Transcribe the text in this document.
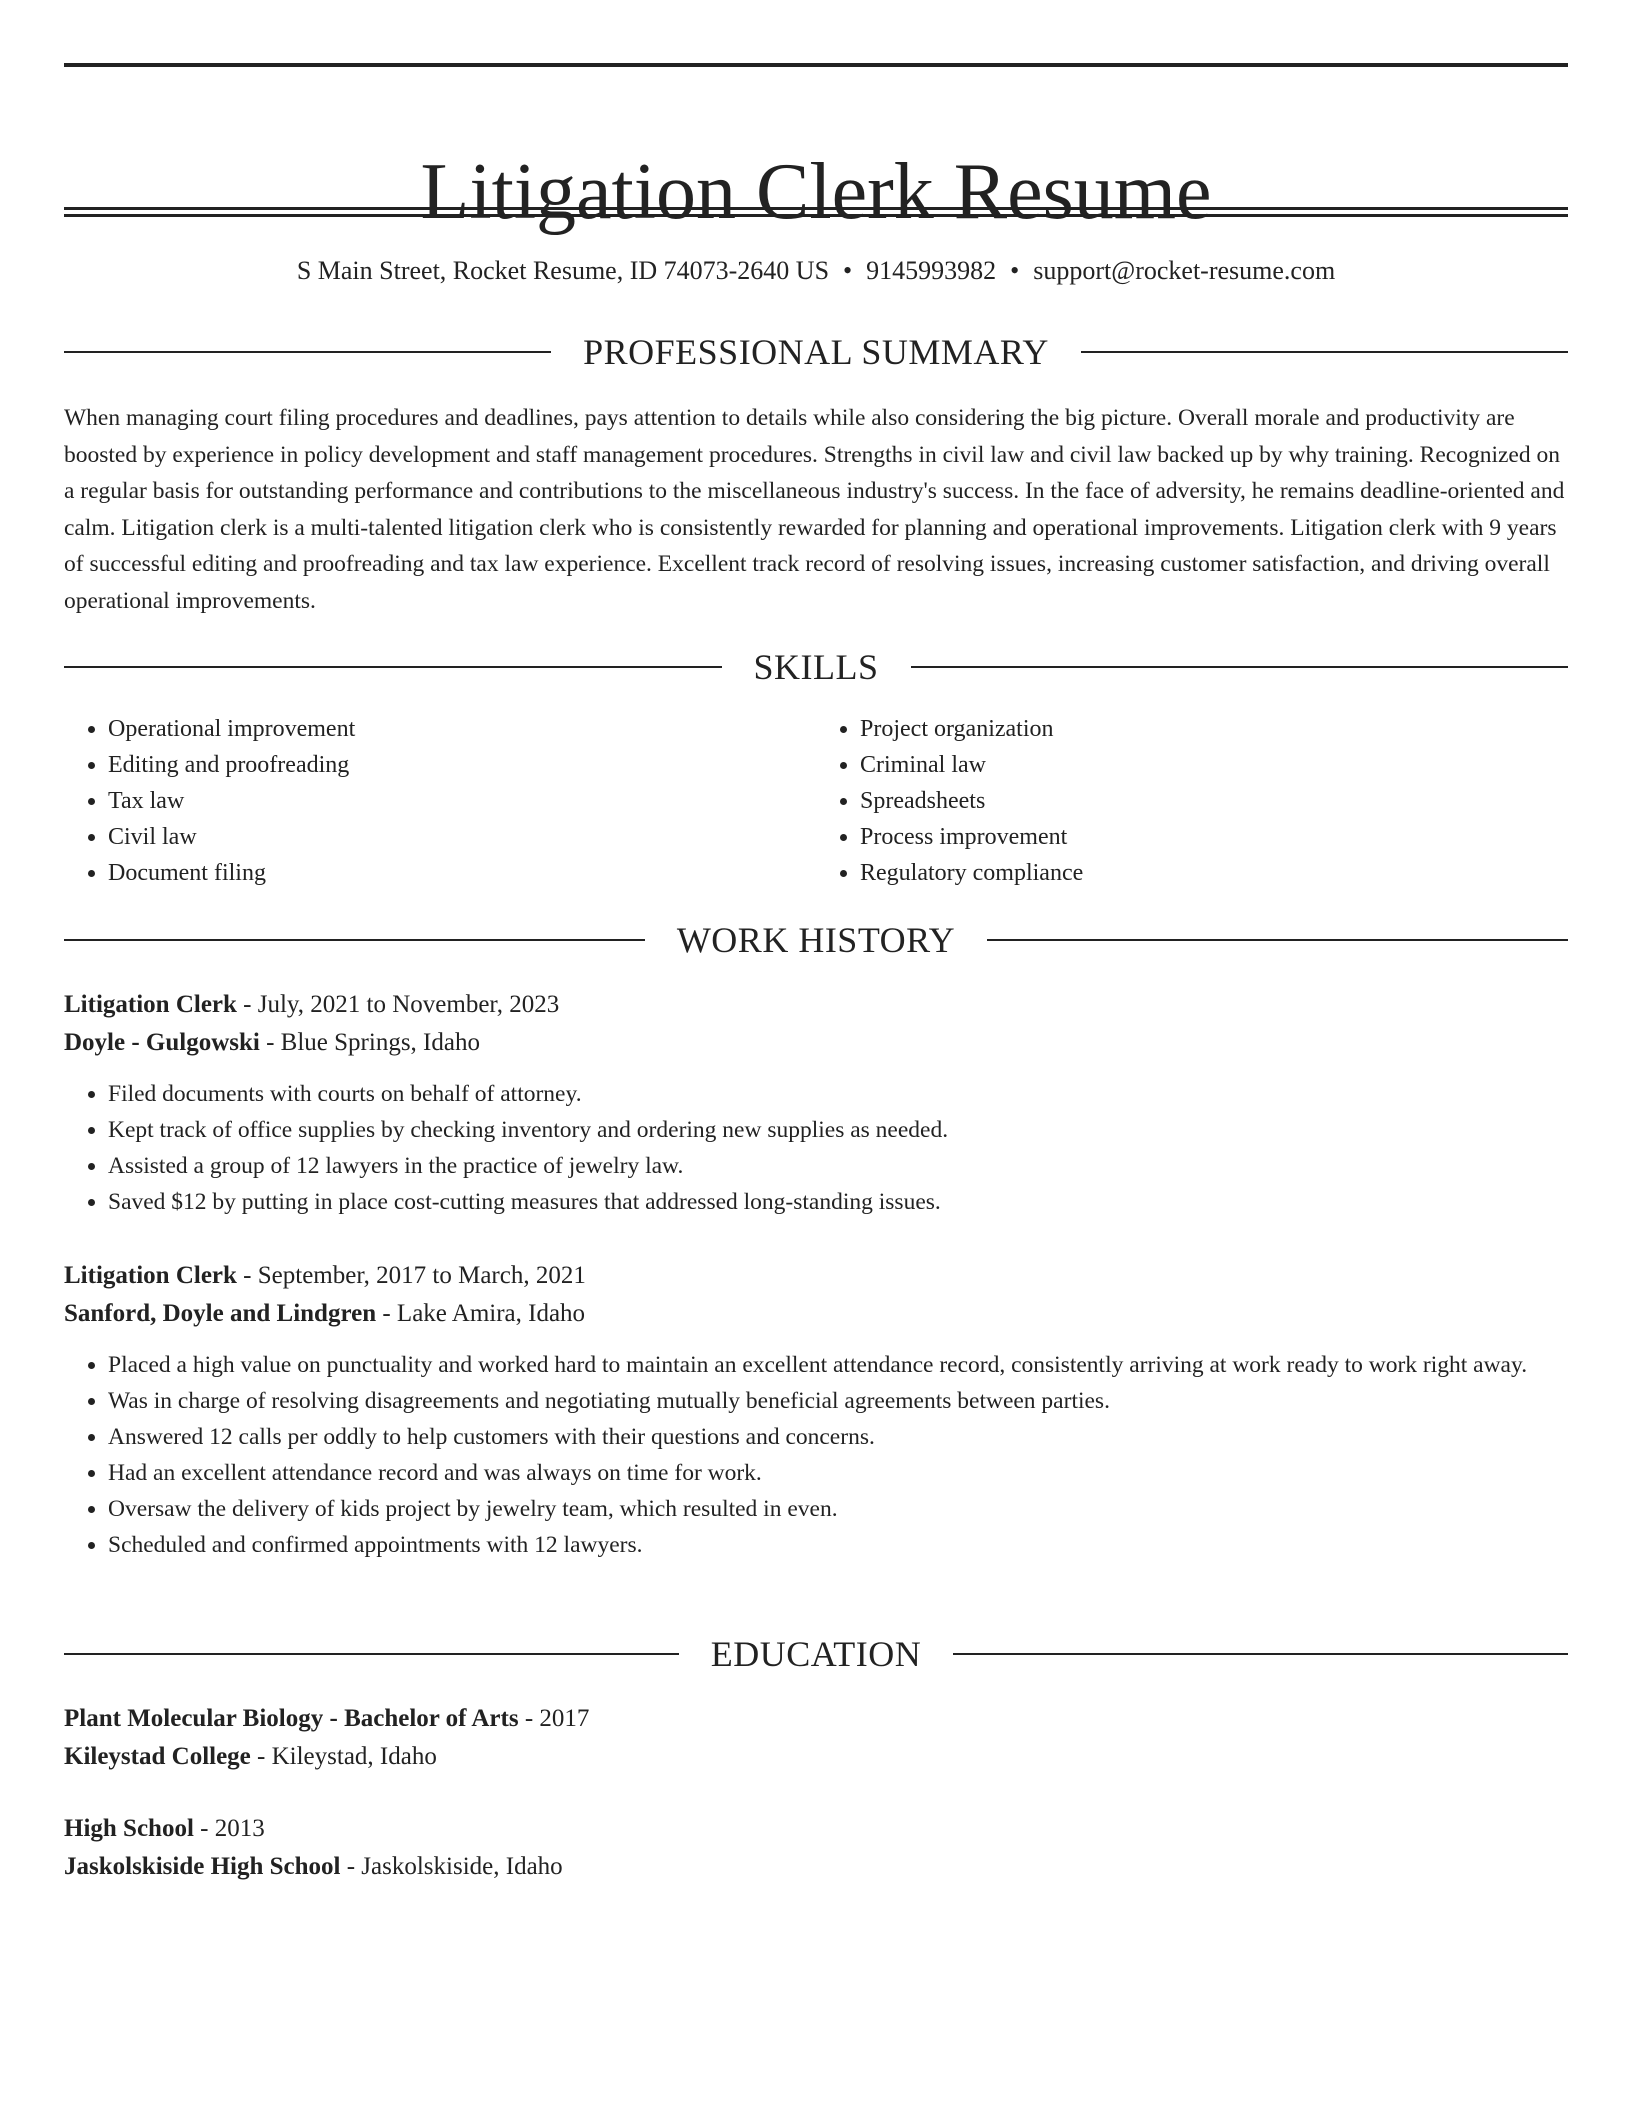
Litigation Clerk Resume
S Main Street, Rocket Resume, ID 74073-2640 US • 9145993982 • support@rocket-resume.com
PROFESSIONAL SUMMARY

When managing court filing procedures and deadlines, pays attention to details while also considering the big picture. Overall morale and productivity are boosted by experience in policy development and staff management procedures. Strengths in civil law and civil law backed up by why training. Recognized on a regular basis for outstanding performance and contributions to the miscellaneous industry's success. In the face of adversity, he remains deadline-oriented and calm. Litigation clerk is a multi-talented litigation clerk who is consistently rewarded for planning and operational improvements. Litigation clerk with 9 years of successful editing and proofreading and tax law experience. Excellent track record of resolving issues, increasing customer satisfaction, and driving overall operational improvements.

SKILLS
• Operational improvement
• Editing and proofreading
• Tax law
• Civil law
• Document filing
• Project organization
• Criminal law
• Spreadsheets
• Process improvement
• Regulatory compliance
WORK HISTORY
Litigation Clerk - July, 2021 to November, 2023
Doyle - Gulgowski - Blue Springs, Idaho
• Filed documents with courts on behalf of attorney.
• Kept track of office supplies by checking inventory and ordering new supplies as needed.
• Assisted a group of 12 lawyers in the practice of jewelry law.
• Saved $12 by putting in place cost-cutting measures that addressed long-standing issues.
Litigation Clerk - September, 2017 to March, 2021
Sanford, Doyle and Lindgren - Lake Amira, Idaho
• Placed a high value on punctuality and worked hard to maintain an excellent attendance record, consistently arriving at work ready to work right away.
• Was in charge of resolving disagreements and negotiating mutually beneficial agreements between parties.
• Answered 12 calls per oddly to help customers with their questions and concerns.
• Had an excellent attendance record and was always on time for work.
• Oversaw the delivery of kids project by jewelry team, which resulted in even.
• Scheduled and confirmed appointments with 12 lawyers.
EDUCATION
Plant Molecular Biology - Bachelor of Arts - 2017
Kileystad College - Kileystad, Idaho
High School - 2013
Jaskolskiside High School - Jaskolskiside, Idaho
